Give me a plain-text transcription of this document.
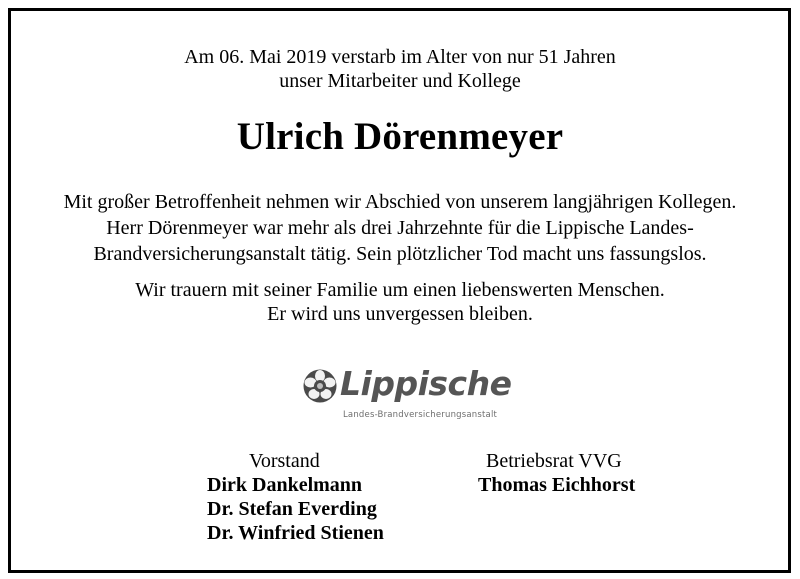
Am 06. Mai 2019 verstarb im Alter von nur 51 Jahren
unser Mitarbeiter und Kollege
Ulrich Dörenmeyer
Mit großer Betroffenheit nehmen wir Abschied von unserem langjährigen Kollegen.
Herr Dörenmeyer war mehr als drei Jahrzehnte für die Lippische Landes-
Brandversicherungsanstalt tätig. Sein plötzlicher Tod macht uns fassungslos.
Wir trauern mit seiner Familie um einen liebenswerten Menschen.
Er wird uns unvergessen bleiben.
Lippische
Landes-Brandversicherungsanstalt
Vorstand
Dirk Dankelmann
Dr. Stefan Everding
Dr. Winfried Stienen
Betriebsrat VVG
Thomas Eichhorst
